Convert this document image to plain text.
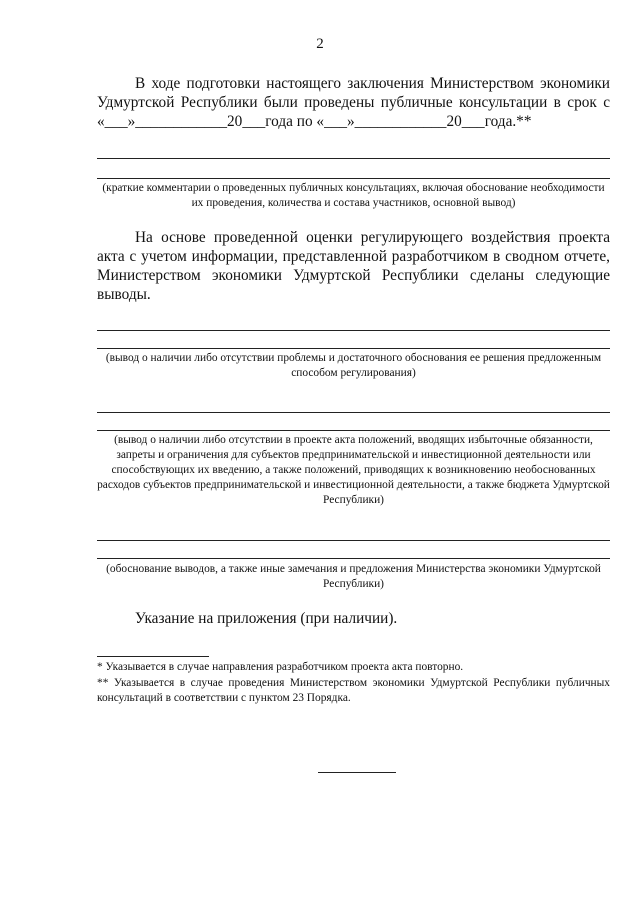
2
В ходе подготовки настоящего заключения Министерством экономики Удмуртской Республики были проведены публичные консультации в срок с «___»____________20___года по «___»____________20___года.**
(краткие комментарии о проведенных публичных консультациях, включая обоснование необходимости их проведения, количества и состава участников, основной вывод)
На основе проведенной оценки регулирующего воздействия проекта акта с учетом информации, представленной разработчиком в сводном отчете, Министерством экономики Удмуртской Республики сделаны следующие выводы.
(вывод о наличии либо отсутствии проблемы и достаточного обоснования ее решения предложенным способом регулирования)
(вывод о наличии либо отсутствии в проекте акта положений, вводящих избыточные обязанности, запреты и ограничения для субъектов предпринимательской и инвестиционной деятельности или способствующих их введению, а также положений, приводящих к возникновению необоснованных расходов субъектов предпринимательской и инвестиционной деятельности, а также бюджета Удмуртской Республики)
(обоснование выводов, а также иные замечания и предложения Министерства экономики Удмуртской Республики)
Указание на приложения (при наличии).
* Указывается в случае направления разработчиком проекта акта повторно.
** Указывается в случае проведения Министерством экономики Удмуртской Республики публичных консультаций в соответствии с пунктом 23 Порядка.
